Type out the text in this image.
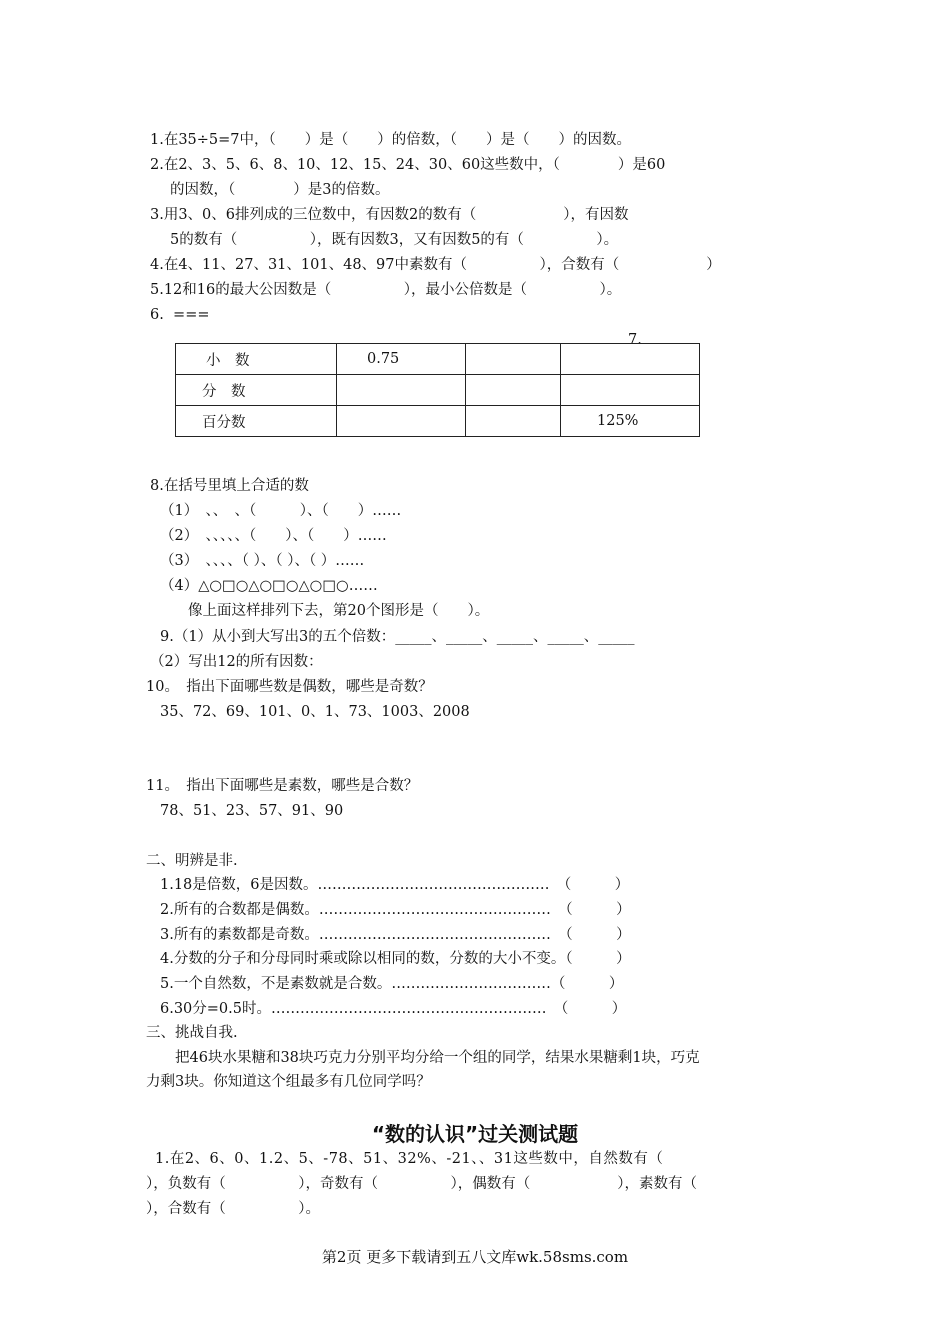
1.在35÷5=7中，（　　）是（　　）的倍数，（　　）是（　　）的因数。
2.在2、3、5、6、8、10、12、15、24、30、60这些数中，（　　　　）是60
的因数，（　　　　）是3的倍数。
3.用3、0、6排列成的三位数中，有因数2的数有（　　　　　　），有因数
5的数有（　　　　　），既有因数3，又有因数5的有（　　　　　）。
4.在4、11、27、31、101、48、97中素数有（　　　　　），合数有（　　　　　　）
5.12和16的最大公因数是（　　　　　），最小公倍数是（　　　　　）。
6.  ===
7.
小　数	0.75		
分　数			
百分数			125%
8.在括号里填上合适的数
（1）　、、　、（　　　）、（　　）……
（2）　、、、、、（　　）、（　　）……
（3）　、、、、（ ）、（ ）、（ ）……
（4）△○□○△○□○△○□○……
像上面这样排列下去，第20个图形是（　　）。
9.（1）从小到大写出3的五个倍数：_____、_____、_____、_____、_____
（2）写出12的所有因数：
10。　指出下面哪些数是偶数，哪些是奇数？
35、72、69、101、0、1、73、1003、2008
11。　指出下面哪些是素数，哪些是合数？
78、51、23、57、91、90
二、明辨是非.
1.18是倍数，6是因数。…………………………………………　（　　　）
2.所有的合数都是偶数。…………………………………………　（　　　）
3.所有的素数都是奇数。…………………………………………　（　　　）
4.分数的分子和分母同时乘或除以相同的数，分数的大小不变。（　　　）
5.一个自然数，不是素数就是合数。……………………………（　　　）
6.30分=0.5时。…………………………………………………　（　　　）
三、挑战自我.
把46块水果糖和38块巧克力分别平均分给一个组的同学，结果水果糖剩1块，巧克
力剩3块。你知道这个组最多有几位同学吗？
“数的认识”过关测试题
1.在2、6、0、1.2、5、-78、51、32%、-21、、31这些数中，自然数有（
），负数有（　　　　　），奇数有（　　　　　），偶数有（　　　　　　），素数有（
），合数有（　　　　　）。
第2页 更多下载请到五八文库wk.58sms.com
